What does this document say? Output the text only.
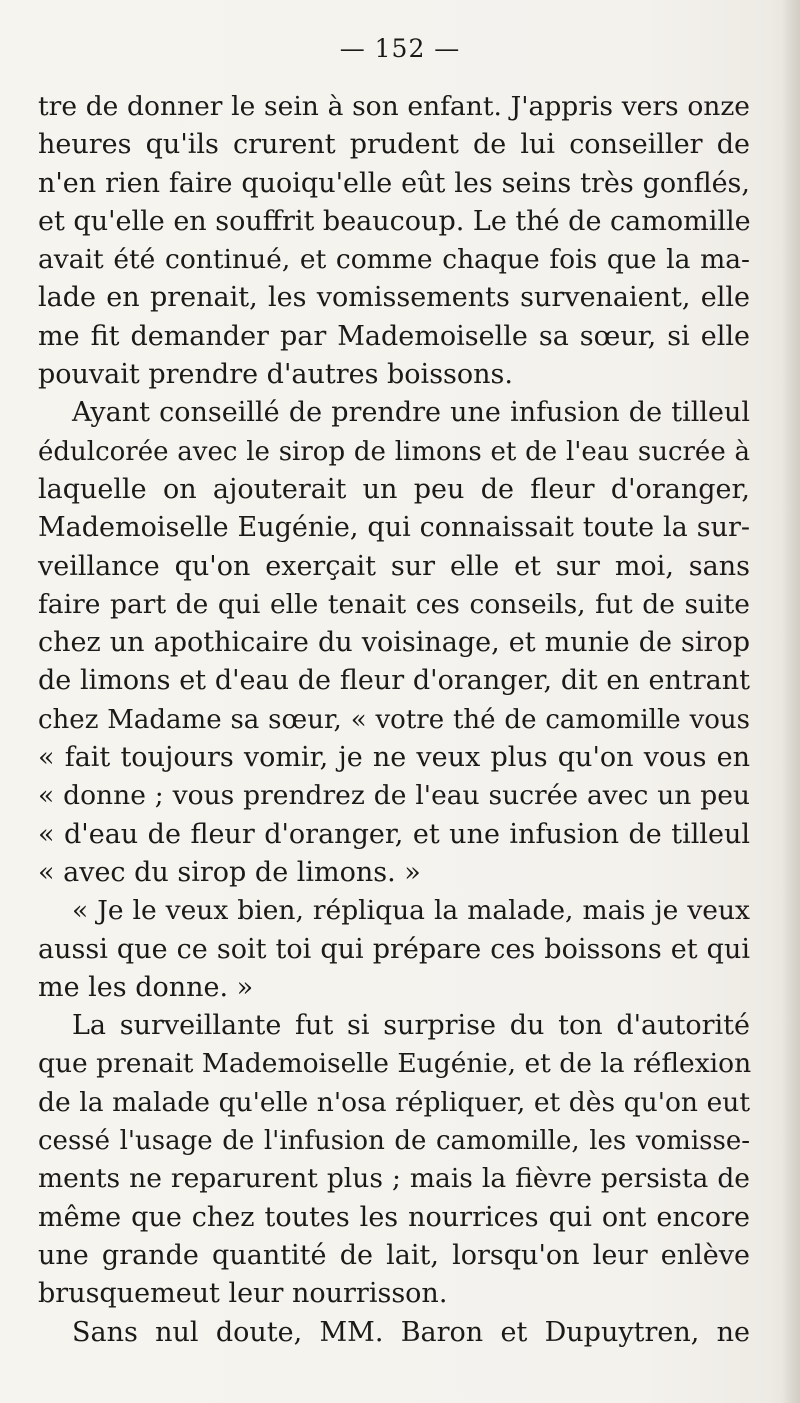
— 152 —
tre de donner le sein à son enfant. J'appris vers onze
heures qu'ils crurent prudent de lui conseiller de
n'en rien faire quoiqu'elle eût les seins très gonflés,
et qu'elle en souffrit beaucoup. Le thé de camomille
avait été continué, et comme chaque fois que la ma-
lade en prenait, les vomissements survenaient, elle
me fit demander par Mademoiselle sa sœur, si elle
pouvait prendre d'autres boissons.
Ayant conseillé de prendre une infusion de tilleul
édulcorée avec le sirop de limons et de l'eau sucrée à
laquelle on ajouterait un peu de fleur d'oranger,
Mademoiselle Eugénie, qui connaissait toute la sur-
veillance qu'on exerçait sur elle et sur moi, sans
faire part de qui elle tenait ces conseils, fut de suite
chez un apothicaire du voisinage, et munie de sirop
de limons et d'eau de fleur d'oranger, dit en entrant
chez Madame sa sœur, « votre thé de camomille vous
« fait toujours vomir, je ne veux plus qu'on vous en
« donne ; vous prendrez de l'eau sucrée avec un peu
« d'eau de fleur d'oranger, et une infusion de tilleul
« avec du sirop de limons. »
« Je le veux bien, répliqua la malade, mais je veux
aussi que ce soit toi qui prépare ces boissons et qui
me les donne. »
La surveillante fut si surprise du ton d'autorité
que prenait Mademoiselle Eugénie, et de la réflexion
de la malade qu'elle n'osa répliquer, et dès qu'on eut
cessé l'usage de l'infusion de camomille, les vomisse-
ments ne reparurent plus ; mais la fièvre persista de
même que chez toutes les nourrices qui ont encore
une grande quantité de lait, lorsqu'on leur enlève
brusquemeut leur nourrisson.
Sans nul doute, MM. Baron et Dupuytren, ne
